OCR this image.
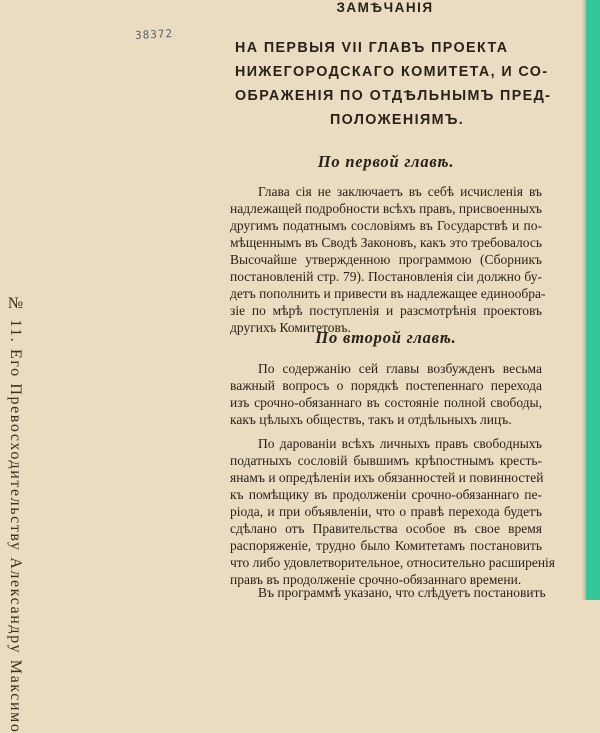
№ 11. Его Превосходительству Александру Максимо
38372
ЗАМѢЧАНІЯ
НА ПЕРВЫЯ VII ГЛАВЪ ПРОЕКТА
НИЖЕГОРОДСКАГО КОМИТЕТА, И СО-
ОБРАЖЕНІЯ ПО ОТДѢЛЬНЫМЪ ПРЕД-
ПОЛОЖЕНІЯМЪ.
По первой главѣ.
Глава сія не заключаетъ въ себѣ исчисленія въ
надлежащей подробности всѣхъ правъ, присвоенныхъ
другимъ податнымъ сословіямъ въ Государствѣ и по-
мѣщеннымъ въ Сводѣ Законовъ, какъ это требовалось
Высочайше утвержденною программою (Сборникъ
постановленій стр. 79). Постановленія сіи должно бу-
детъ пополнить и привести въ надлежащее единообра-
зіе по мѣрѣ поступленія и разсмотрѣнія проектовъ
другихъ Комитетовъ.
По второй главѣ.
По содержанію сей главы возбужденъ весьма
важный вопросъ о порядкѣ постепеннаго перехода
изъ срочно-обязаннаго въ состояніе полной свободы,
какъ цѣлыхъ обществъ, такъ и отдѣльныхъ лицъ.
По дарованіи всѣхъ личныхъ правъ свободныхъ
податныхъ сословій бывшимъ крѣпостнымъ кресть-
янамъ и опредѣленіи ихъ обязанностей и повинностей
къ помѣщику въ продолженіи срочно-обязаннаго пе-
ріода, и при объявленіи, что о правѣ перехода будетъ
сдѣлано отъ Правительства особое въ свое время
распоряженіе, трудно было Комитетамъ постановить
что либо удовлетворительное, относительно расширенія
правъ въ продолженіе срочно-обязаннаго времени.
Въ программѣ указано, что слѣдуетъ постановить
